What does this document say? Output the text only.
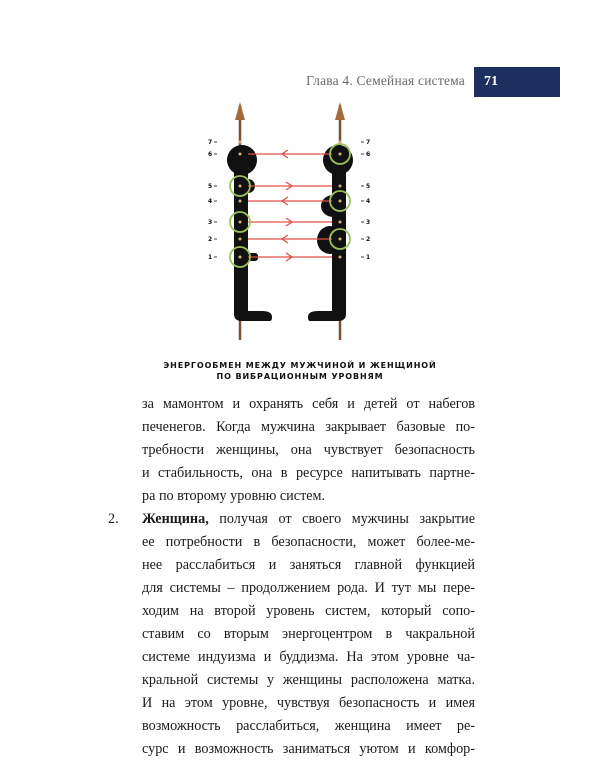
Глава 4. Семейная система	71
7
6
5
4
3
2
1
7
6
5
4
3
2
1
ЭНЕРГООБМЕН МЕЖДУ МУЖЧИНОЙ И ЖЕНЩИНОЙ
ПО ВИБРАЦИОННЫМ УРОВНЯМ
за мамонтом и охранять себя и детей от набегов
печенегов. Когда мужчина закрывает базовые по-
требности женщины, она чувствует безопасность
и стабильность, она в ресурсе напитывать партне-
ра по второму уровню систем.
2. Женщина, получая от своего мужчины закрытие
ее потребности в безопасности, может более-ме-
нее расслабиться и заняться главной функцией
для системы – продолжением рода. И тут мы пере-
ходим на второй уровень систем, который сопо-
ставим со вторым энергоцентром в чакральной
системе индуизма и буддизма. На этом уровне ча-
кральной системы у женщины расположена матка.
И на этом уровне, чувствуя безопасность и имея
возможность расслабиться, женщина имеет ре-
сурс и возможность заниматься уютом и комфор-
